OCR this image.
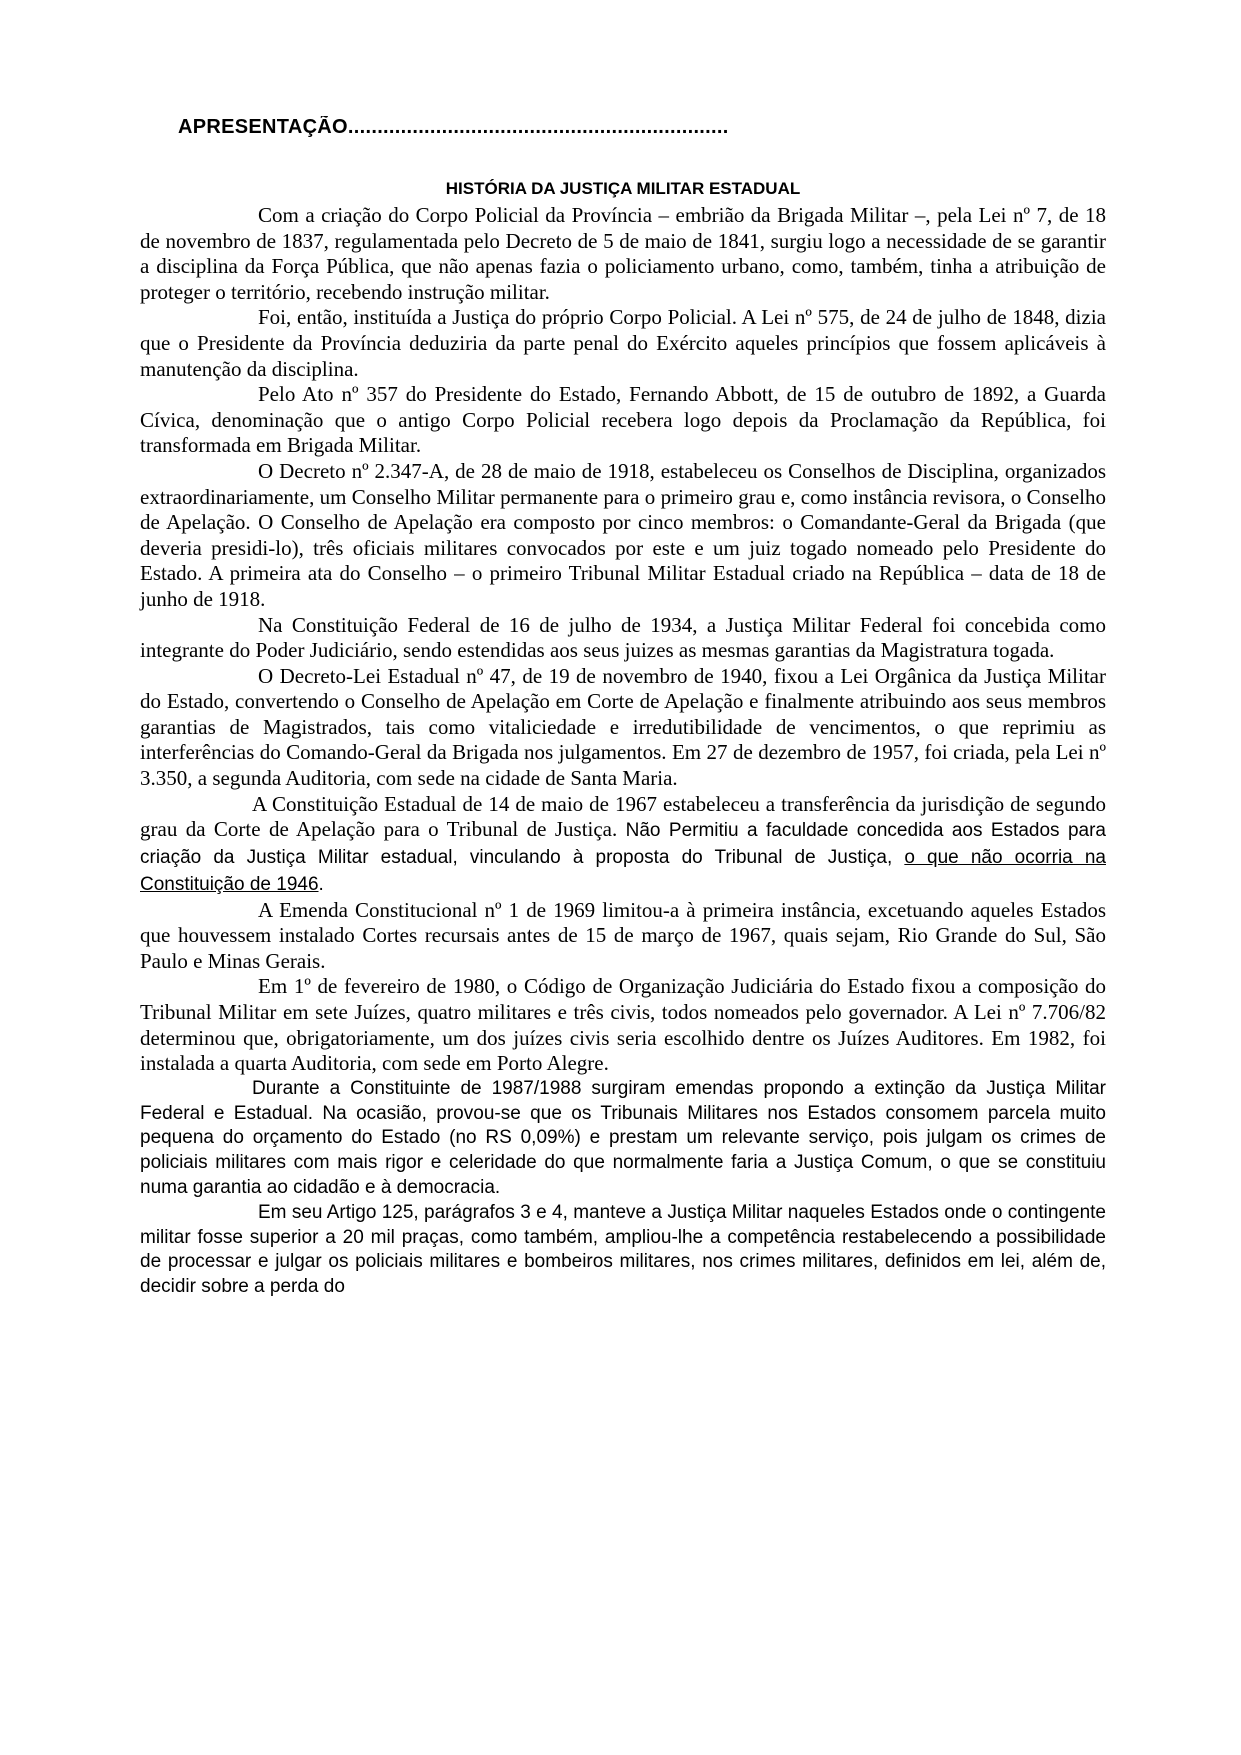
APRESENTAÇÃO.................................................................
HISTÓRIA DA JUSTIÇA MILITAR ESTADUAL

Com a criação do Corpo Policial da Província – embrião da Brigada Militar –, pela Lei nº 7, de 18 de novembro de 1837, regulamentada pelo Decreto de 5 de maio de 1841, surgiu logo a necessidade de se garantir a disciplina da Força Pública, que não apenas fazia o policiamento urbano, como, também, tinha a atribuição de proteger o território, recebendo instrução militar.

Foi, então, instituída a Justiça do próprio Corpo Policial. A Lei nº 575, de 24 de julho de 1848, dizia que o Presidente da Província deduziria da parte penal do Exército aqueles princípios que fossem aplicáveis à manutenção da disciplina.

Pelo Ato nº 357 do Presidente do Estado, Fernando Abbott, de 15 de outubro de 1892, a Guarda Cívica, denominação que o antigo Corpo Policial recebera logo depois da Proclamação da República, foi transformada em Brigada Militar.

O Decreto nº 2.347-A, de 28 de maio de 1918, estabeleceu os Conselhos de Disciplina, organizados extraordinariamente, um Conselho Militar permanente para o primeiro grau e, como instância revisora, o Conselho de Apelação. O Conselho de Apelação era composto por cinco membros: o Comandante-Geral da Brigada (que deveria presidi-lo), três oficiais militares convocados por este e um juiz togado nomeado pelo Presidente do Estado. A primeira ata do Conselho – o primeiro Tribunal Militar Estadual criado na República – data de 18 de junho de 1918.

Na Constituição Federal de 16 de julho de 1934, a Justiça Militar Federal foi concebida como integrante do Poder Judiciário, sendo estendidas aos seus juizes as mesmas garantias da Magistratura togada.

O Decreto-Lei Estadual nº 47, de 19 de novembro de 1940, fixou a Lei Orgânica da Justiça Militar do Estado, convertendo o Conselho de Apelação em Corte de Apelação e finalmente atribuindo aos seus membros garantias de Magistrados, tais como vitaliciedade e irredutibilidade de vencimentos, o que reprimiu as interferências do Comando-Geral da Brigada nos julgamentos. Em 27 de dezembro de 1957, foi criada, pela Lei nº 3.350, a segunda Auditoria, com sede na cidade de Santa Maria.

A Constituição Estadual de 14 de maio de 1967 estabeleceu a transferência da jurisdição de segundo grau da Corte de Apelação para o Tribunal de Justiça. Não Permitiu a faculdade concedida aos Estados para criação da Justiça Militar estadual, vinculando à proposta do Tribunal de Justiça, o que não ocorria na Constituição de 1946.

A Emenda Constitucional nº 1 de 1969 limitou-a à primeira instância, excetuando aqueles Estados que houvessem instalado Cortes recursais antes de 15 de março de 1967, quais sejam, Rio Grande do Sul, São Paulo e Minas Gerais.

Em 1º de fevereiro de 1980, o Código de Organização Judiciária do Estado fixou a composição do Tribunal Militar em sete Juízes, quatro militares e três civis, todos nomeados pelo governador. A Lei nº 7.706/82 determinou que, obrigatoriamente, um dos juízes civis seria escolhido dentre os Juízes Auditores. Em 1982, foi instalada a quarta Auditoria, com sede em Porto Alegre.

Durante a Constituinte de 1987/1988 surgiram emendas propondo a extinção da Justiça Militar Federal e Estadual. Na ocasião, provou-se que os Tribunais Militares nos Estados consomem parcela muito pequena do orçamento do Estado (no RS 0,09%) e prestam um relevante serviço, pois julgam os crimes de policiais militares com mais rigor e celeridade do que normalmente faria a Justiça Comum, o que se constituiu numa garantia ao cidadão e à democracia.

Em seu Artigo 125, parágrafos 3 e 4, manteve a Justiça Militar naqueles Estados onde o contingente militar fosse superior a 20 mil praças, como também, ampliou-lhe a competência restabelecendo a possibilidade de processar e julgar os policiais militares e bombeiros militares, nos crimes militares, definidos em lei, além de, decidir sobre a perda do
